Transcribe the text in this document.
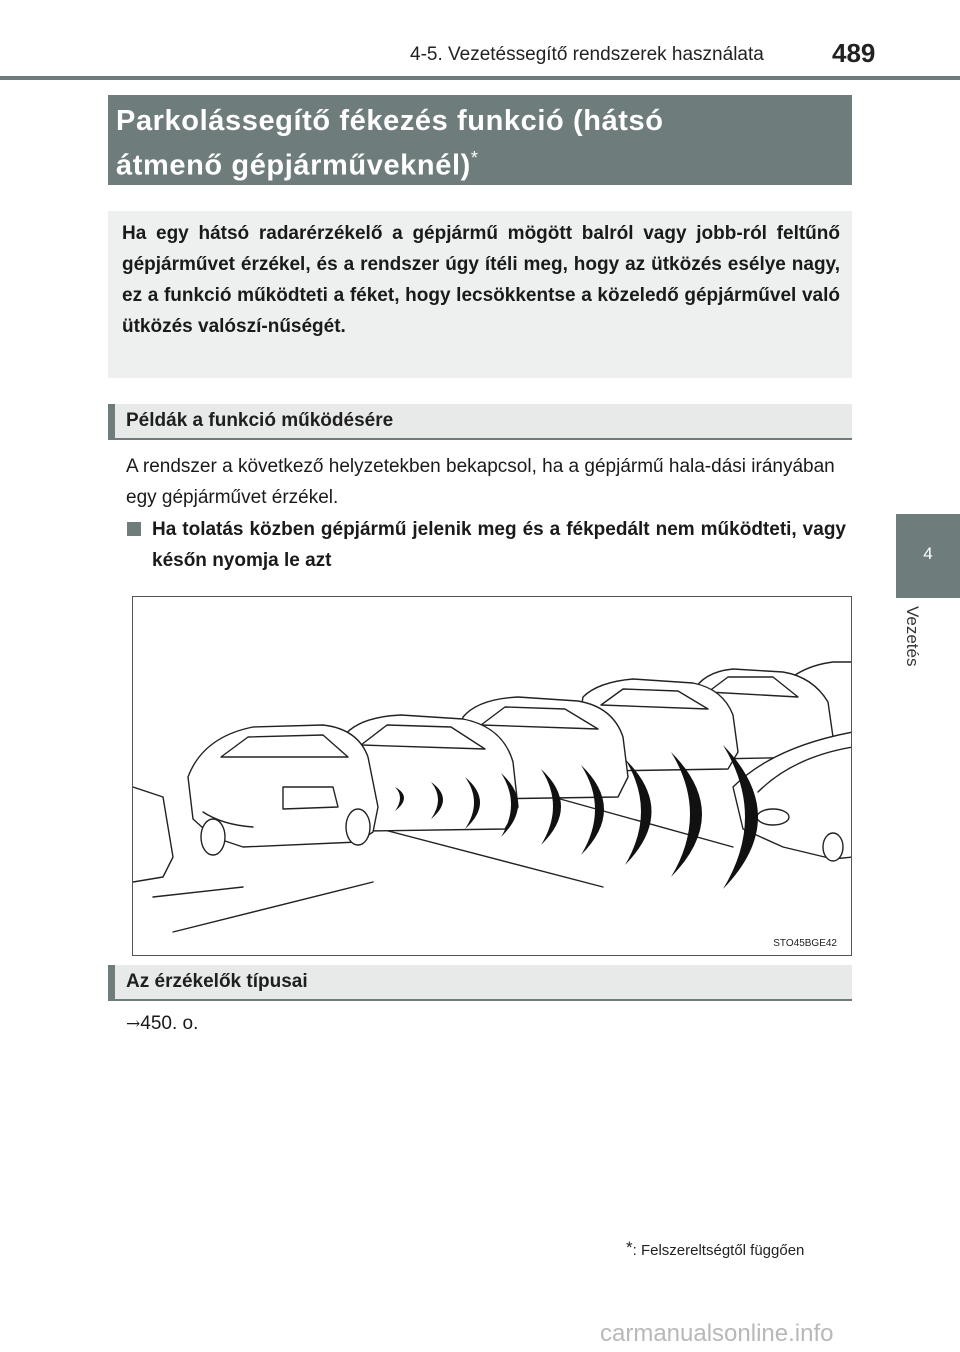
4-5. Vezetéssegítő rendszerek használata	489
4
Vezetés
Parkolássegítő fékezés funkció (hátsó
átmenő gépjárműveknél)*
Ha egy hátsó radarérzékelő a gépjármű mögött balról vagy jobb-ról feltűnő gépjárművet érzékel, és a rendszer úgy ítéli meg, hogy az ütközés esélye nagy, ez a funkció működteti a féket, hogy lecsökkentse a közeledő gépjárművel való ütközés valószí-nűségét.
Példák a funkció működésére
A rendszer a következő helyzetekben bekapcsol, ha a gépjármű hala-dási irányában egy gépjárművet érzékel.
Ha tolatás közben gépjármű jelenik meg és a fékpedált nem működteti, vagy későn nyomja le azt
STO45BGE42
Az érzékelők típusai
→450. o.
*: Felszereltségtől függően
carmanualsonline.info
